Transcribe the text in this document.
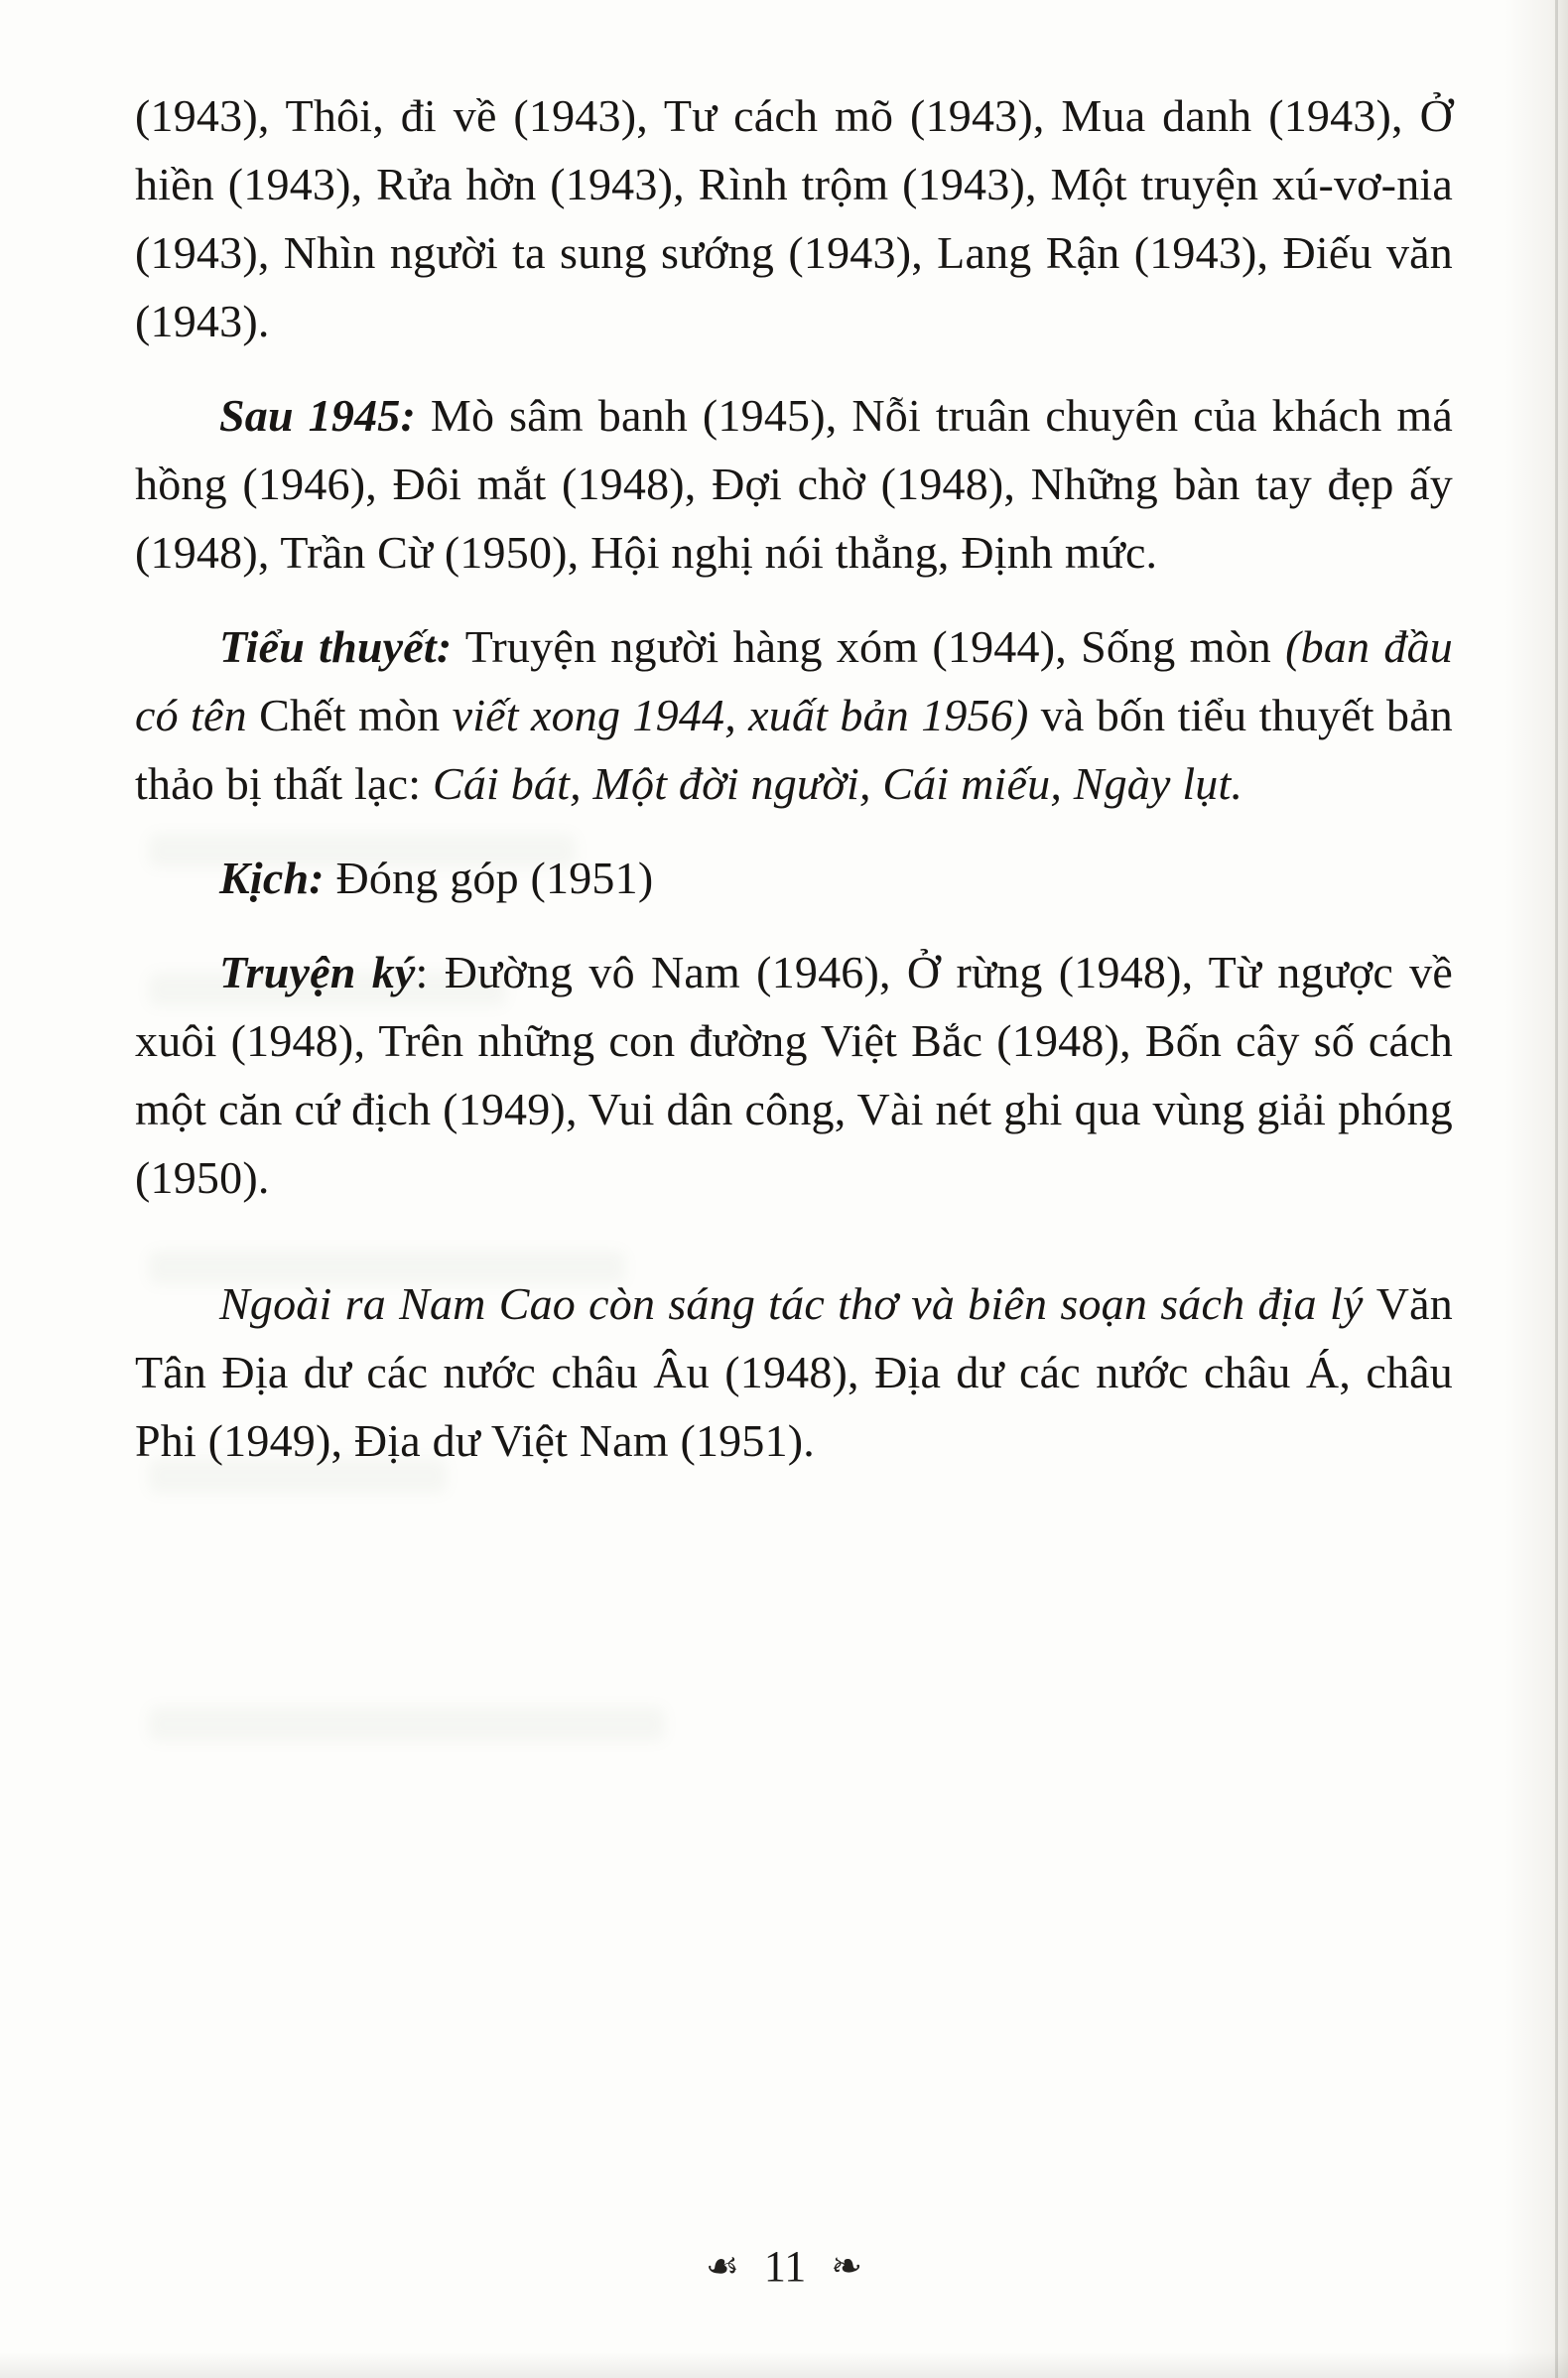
(1943), Thôi, đi về (1943), Tư cách mõ (1943), Mua danh (1943), Ở hiền (1943), Rửa hờn (1943), Rình trộm (1943), Một truyện xú-vơ-nia (1943), Nhìn người ta sung sướng (1943), Lang Rận (1943), Điếu văn (1943).

Sau 1945: Mò sâm banh (1945), Nỗi truân chuyên của khách má hồng (1946), Đôi mắt (1948), Đợi chờ (1948), Những bàn tay đẹp ấy (1948), Trần Cừ (1950), Hội nghị nói thẳng, Định mức.

Tiểu thuyết: Truyện người hàng xóm (1944), Sống mòn (ban đầu có tên Chết mòn viết xong 1944, xuất bản 1956) và bốn tiểu thuyết bản thảo bị thất lạc: Cái bát, Một đời người, Cái miếu, Ngày lụt.

Kịch: Đóng góp (1951)

Truyện ký: Đường vô Nam (1946), Ở rừng (1948), Từ ngược về xuôi (1948), Trên những con đường Việt Bắc (1948), Bốn cây số cách một căn cứ địch (1949), Vui dân công, Vài nét ghi qua vùng giải phóng (1950).

Ngoài ra Nam Cao còn sáng tác thơ và biên soạn sách địa lý Văn Tân Địa dư các nước châu Âu (1948), Địa dư các nước châu Á, châu Phi (1949), Địa dư Việt Nam (1951).

☙ 11 ❧
